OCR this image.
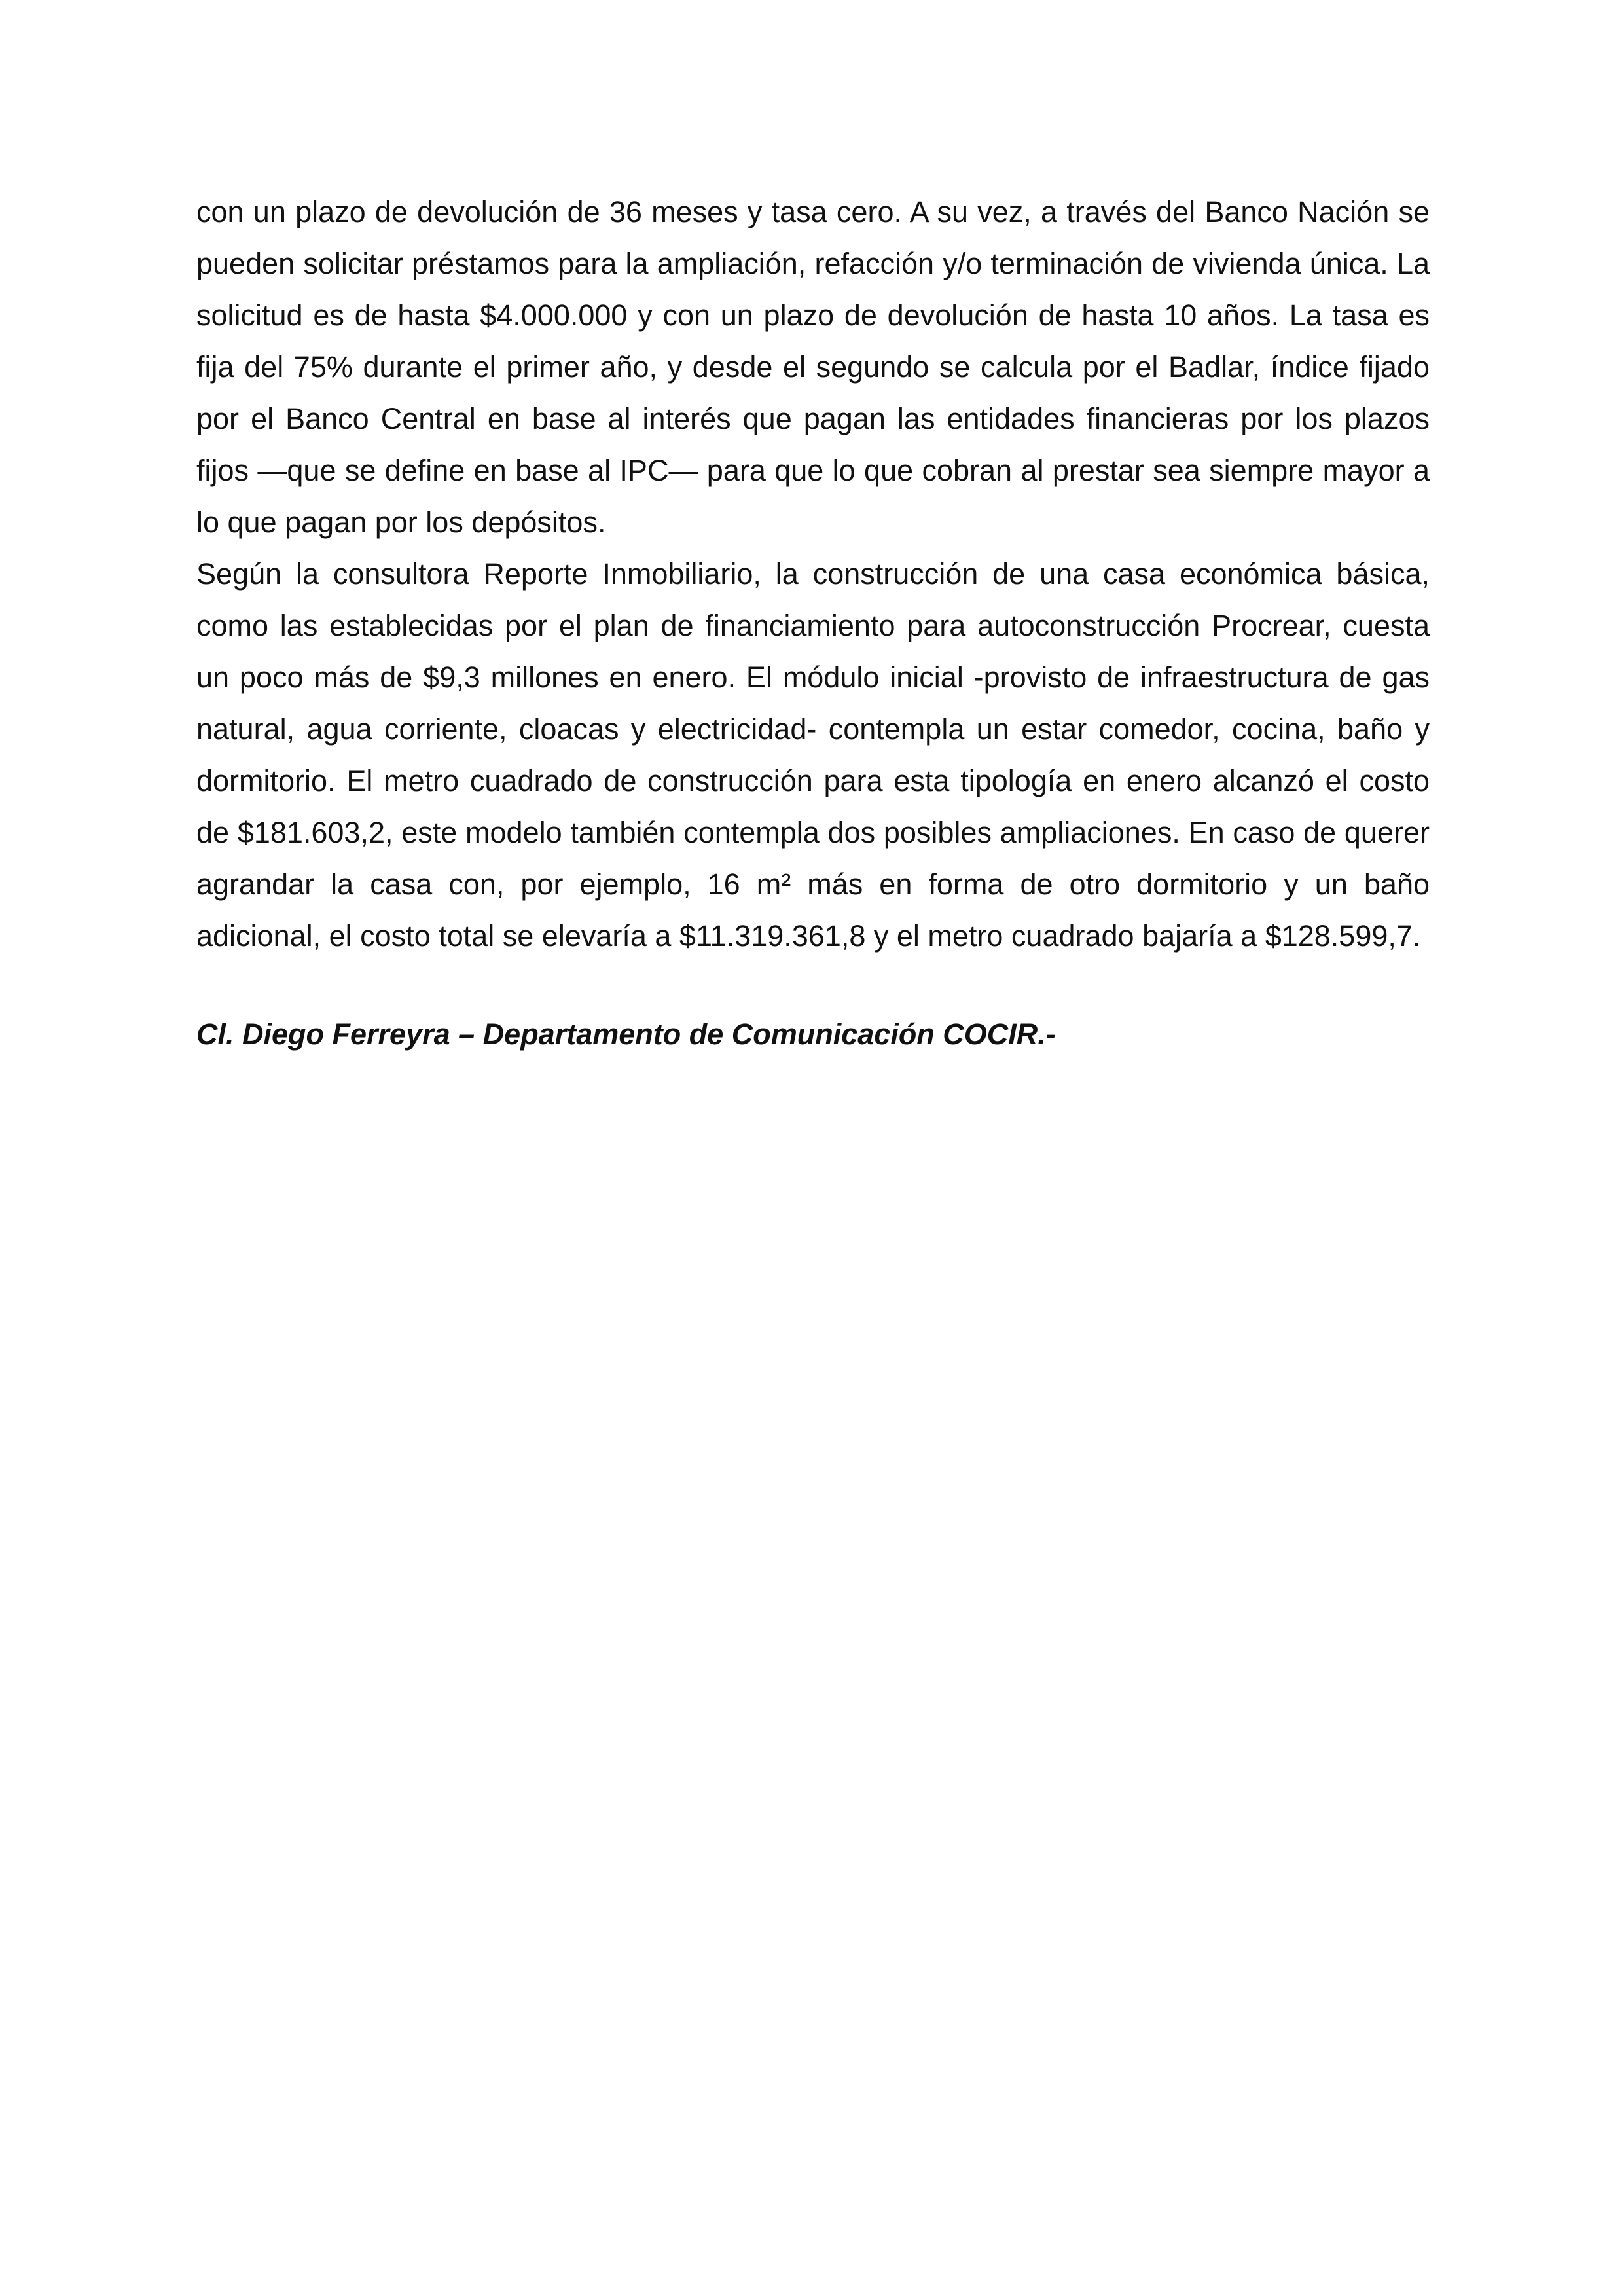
con un plazo de devolución de 36 meses y tasa cero. A su vez, a través del Banco Nación se pueden solicitar préstamos para la ampliación, refacción y/o terminación de vivienda única. La solicitud es de hasta $4.000.000 y con un plazo de devolución de hasta 10 años. La tasa es fija del 75% durante el primer año, y desde el segundo se calcula por el Badlar, índice fijado por el Banco Central en base al interés que pagan las entidades financieras por los plazos fijos —que se define en base al IPC— para que lo que cobran al prestar sea siempre mayor a lo que pagan por los depósitos.

Según la consultora Reporte Inmobiliario, la construcción de una casa económica básica, como las establecidas por el plan de financiamiento para autoconstrucción Procrear, cuesta un poco más de $9,3 millones en enero. El módulo inicial -provisto de infraestructura de gas natural, agua corriente, cloacas y electricidad- contempla un estar comedor, cocina, baño y dormitorio. El metro cuadrado de construcción para esta tipología en enero alcanzó el costo de $181.603,2, este modelo también contempla dos posibles ampliaciones. En caso de querer agrandar la casa con, por ejemplo, 16 m² más en forma de otro dormitorio y un baño adicional, el costo total se elevaría a $11.319.361,8 y el metro cuadrado bajaría a $128.599,7.

Cl. Diego Ferreyra – Departamento de Comunicación COCIR.-
